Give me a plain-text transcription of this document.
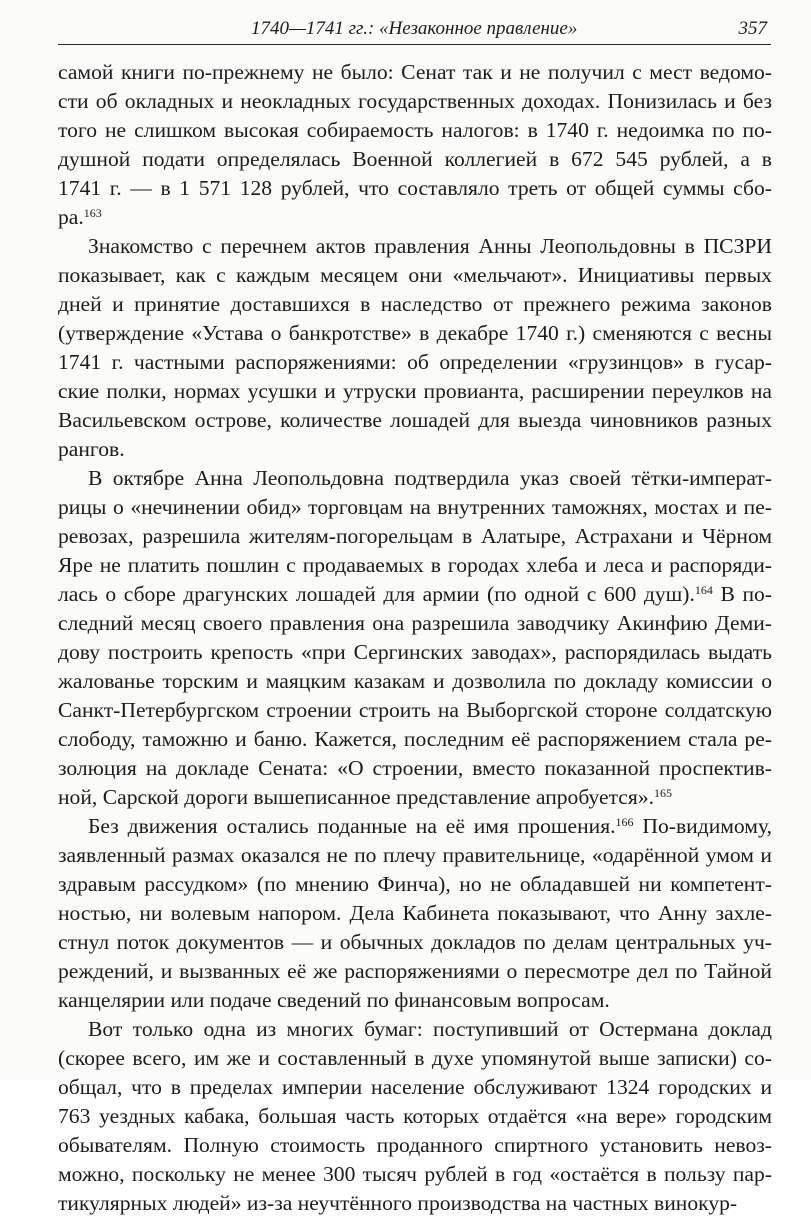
1740—1741 гг.: «Незаконное правление»	357
самой книги по-прежнему не было: Сенат так и не получил с мест ведомо-
сти об окладных и неокладных государственных доходах. Понизилась и без
того не слишком высокая собираемость налогов: в 1740 г. недоимка по по-
душной подати определялась Военной коллегией в 672 545 рублей, а в
1741 г. — в 1 571 128 рублей, что составляло треть от общей суммы сбо-
ра.$^{163}$
Знакомство с перечнем актов правления Анны Леопольдовны в ПСЗРИ
показывает, как с каждым месяцем они «мельчают». Инициативы первых
дней и принятие доставшихся в наследство от прежнего режима законов
(утверждение «Устава о банкротстве» в декабре 1740 г.) сменяются с весны
1741 г. частными распоряжениями: об определении «грузинцов» в гусар-
ские полки, нормах усушки и утруски провианта, расширении переулков на
Васильевском острове, количестве лошадей для выезда чиновников разных
рангов.
В октябре Анна Леопольдовна подтвердила указ своей тётки-императ-
рицы о «нечинении обид» торговцам на внутренних таможнях, мостах и пе-
ревозах, разрешила жителям-погорельцам в Алатыре, Астрахани и Чёрном
Яре не платить пошлин с продаваемых в городах хлеба и леса и распоряди-
лась о сборе драгунских лошадей для армии (по одной с 600 душ).$^{164}$ В по-
следний месяц своего правления она разрешила заводчику Акинфию Деми-
дову построить крепость «при Сергинских заводах», распорядилась выдать
жалованье торским и маяцким казакам и дозволила по докладу комиссии о
Санкт-Петербургском строении строить на Выборгской стороне солдатскую
слободу, таможню и баню. Кажется, последним её распоряжением стала ре-
золюция на докладе Сената: «О строении, вместо показанной проспектив-
ной, Сарской дороги вышеписанное представление апробуется».$^{165}$
Без движения остались поданные на её имя прошения.$^{166}$ По-видимому,
заявленный размах оказался не по плечу правительнице, «одарённой умом и
здравым рассудком» (по мнению Финча), но не обладавшей ни компетент-
ностью, ни волевым напором. Дела Кабинета показывают, что Анну захле-
стнул поток документов — и обычных докладов по делам центральных уч-
реждений, и вызванных её же распоряжениями о пересмотре дел по Тайной
канцелярии или подаче сведений по финансовым вопросам.
Вот только одна из многих бумаг: поступивший от Остермана доклад
(скорее всего, им же и составленный в духе упомянутой выше записки) со-
общал, что в пределах империи население обслуживают 1324 городских и
763 уездных кабака, большая часть которых отдаётся «на вере» городским
обывателям. Полную стоимость проданного спиртного установить невоз-
можно, поскольку не менее 300 тысяч рублей в год «остаётся в пользу пар-
тикулярных людей» из-за неучтённого производства на частных винокур-
